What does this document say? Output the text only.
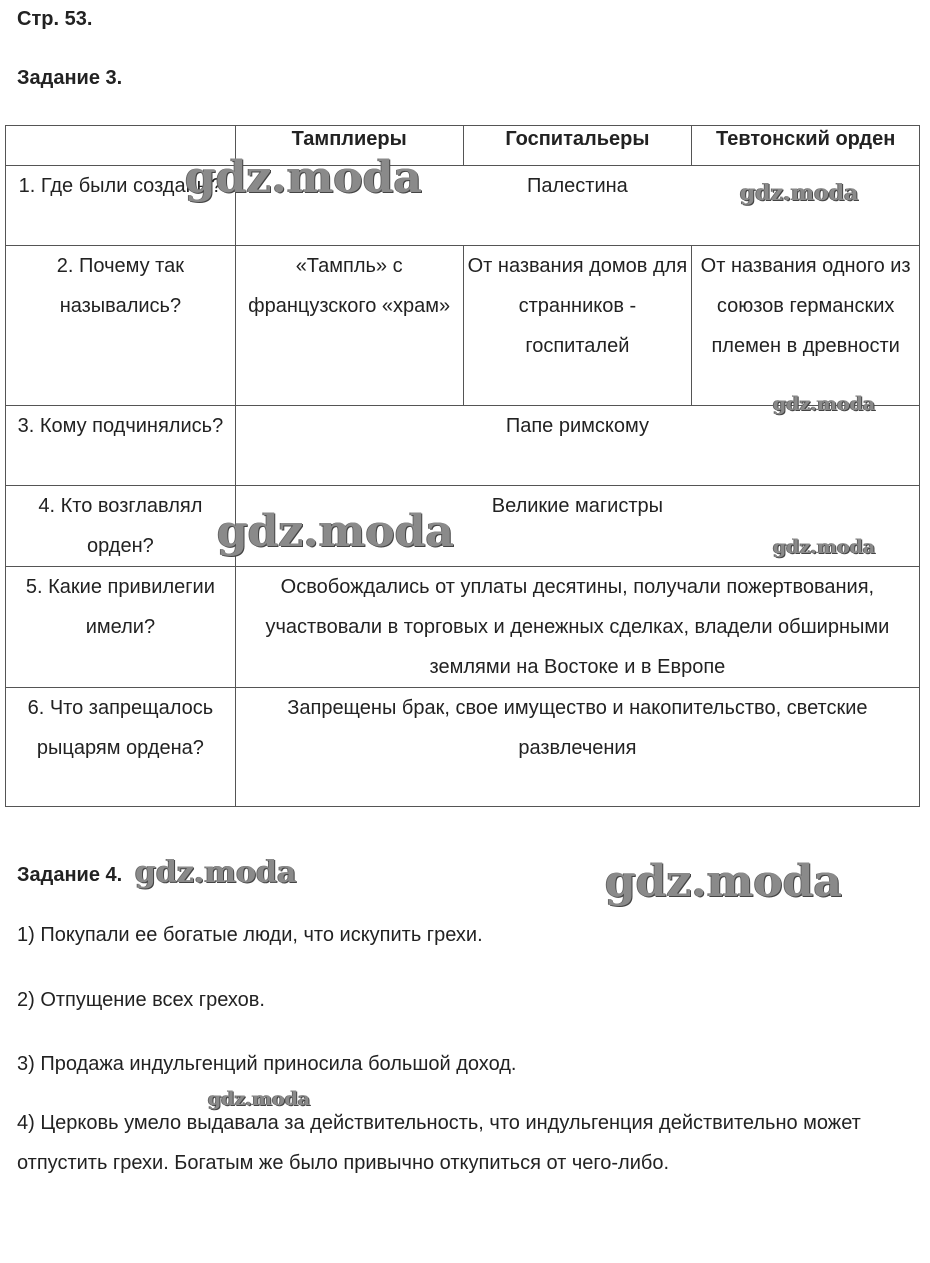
Стр. 53.
Задание 3.
	Тамплиеры	Госпитальеры	Тевтонский орден
1. Где были созданы?	Палестина		
2. Почему так назывались?	«Тампль» с французского «храм»	От названия домов для странников - госпиталей	От названия одного из союзов германских племен в древности
3. Кому подчинялись?	Папе римскому		
4. Кто возглавлял орден?	Великие магистры		
5. Какие привилегии имели?	Освобождались от уплаты десятины, получали пожертвования, участвовали в торговых и денежных сделках, владели обширными землями на Востоке и в Европе		
6. Что запрещалось рыцарям ордена?	Запрещены брак, свое имущество и накопительство, светские развлечения		
Задание 4.
1) Покупали ее богатые люди, что искупить грехи.
2) Отпущение всех грехов.
3) Продажа индульгенций приносила большой доход.
4) Церковь умело выдавала за действительность, что индульгенция действительно может отпустить грехи. Богатым же было привычно откупиться от чего-либо.
gdz.moda	gdz.moda
gdz.moda
gdz.moda	gdz.moda
gdz.moda	gdz.moda
gdz.moda
